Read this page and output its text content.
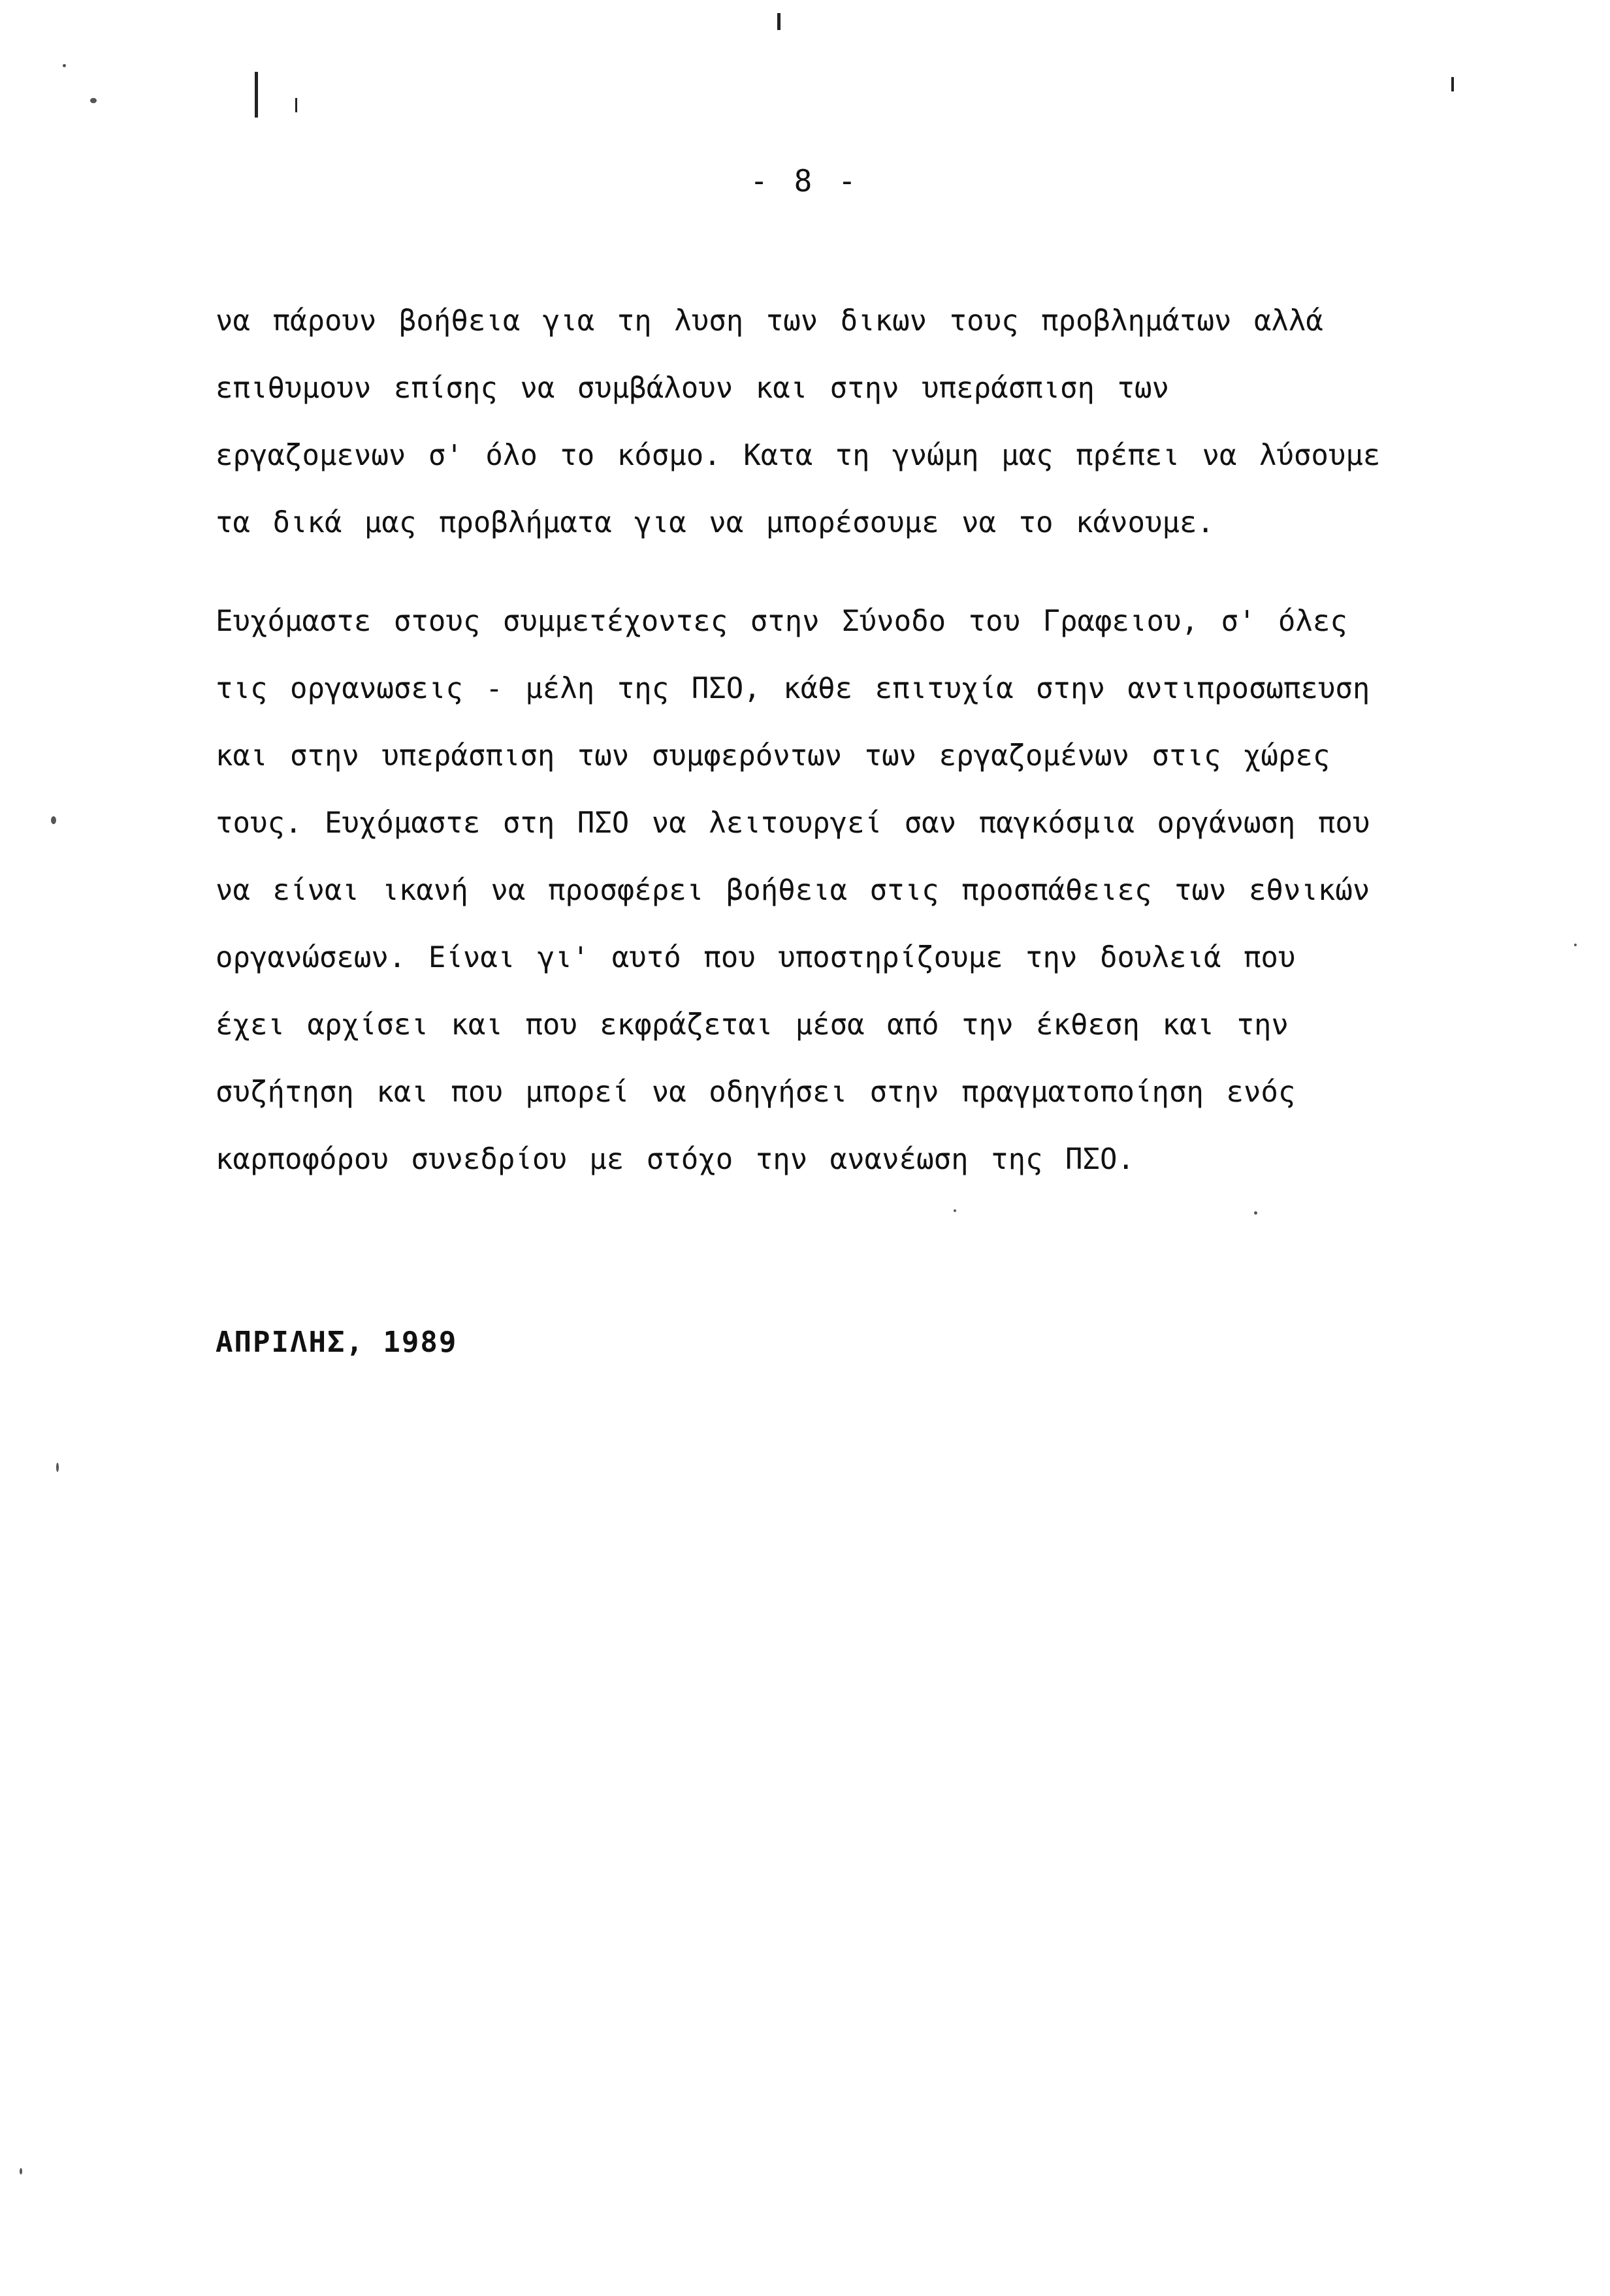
- 8 -
να πάρουν βοήθεια για τη λυση των δικων τους προβλημάτων αλλά
επιθυμουν επίσης να συμβάλουν και στην υπεράσπιση των
εργαζομενων σ' όλο το κόσμο. Κατα τη γνώμη μας πρέπει να λύσουμε
τα δικά μας προβλήματα για να μπορέσουμε να το κάνουμε.
Ευχόμαστε στους συμμετέχοντες στην Σύνοδο του Γραφειου, σ' όλες
τις οργανωσεις - μέλη της ΠΣΟ, κάθε επιτυχία στην αντιπροσωπευση
και στην υπεράσπιση των συμφερόντων των εργαζομένων στις χώρες
τους. Ευχόμαστε στη ΠΣΟ να λειτουργεί σαν παγκόσμια οργάνωση που
να είναι ικανή να προσφέρει βοήθεια στις προσπάθειες των εθνικών
οργανώσεων. Είναι γι' αυτό που υποστηρίζουμε την δουλειά που
έχει αρχίσει και που εκφράζεται μέσα από την έκθεση και την
συζήτηση και που μπορεί να οδηγήσει στην πραγματοποίηση ενός
καρποφόρου συνεδρίου με στόχο την ανανέωση της ΠΣΟ.
ΑΠΡΙΛΗΣ, 1989
